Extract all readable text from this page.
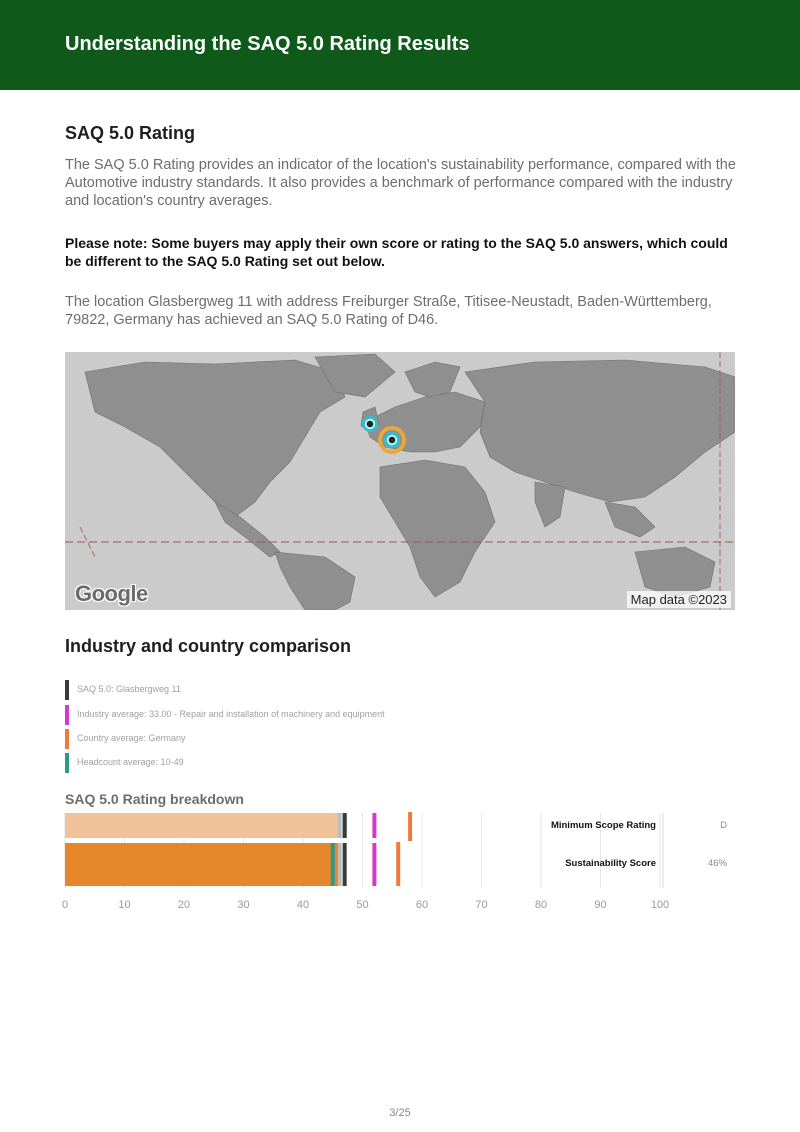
Understanding the SAQ 5.0 Rating Results
SAQ 5.0 Rating
The SAQ 5.0 Rating provides an indicator of the location's sustainability performance, compared with the Automotive industry standards. It also provides a benchmark of performance compared with the industry and location's country averages.
Please note: Some buyers may apply their own score or rating to the SAQ 5.0 answers, which could be different to the SAQ 5.0 Rating set out below.
The location Glasbergweg 11 with address Freiburger Straße, Titisee-Neustadt, Baden-Württemberg, 79822, Germany has achieved an SAQ 5.0 Rating of D46.
Google	Map data ©2023
Industry and country comparison
SAQ 5.0: Glasbergweg 11
Industry average: 33.00 - Repair and installation of machinery and equipment
Country average: Germany
Headcount average: 10-49
SAQ 5.0 Rating breakdown
0	10	20	30	40	50	60	70	80	90	100
Minimum Scope Rating	D
Sustainability Score	46%
3/25
